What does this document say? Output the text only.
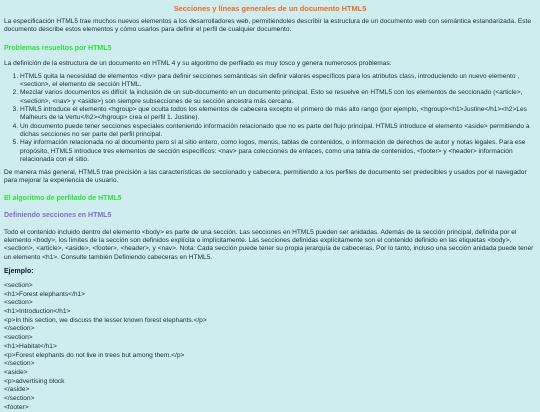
Secciones y líneas generales de un documento HTML5

La especificación HTML5 trae muchos nuevos elementos a los desarrolladores web, permitiéndoles describir la estructura de un documento web con semántica estandarizada. Este documento describe estos elementos y cómo usarlos para definir el perfil de cualquier documento.

Problemas resueltos por HTML5

La definición de la estructura de un documento en HTML 4 y su algoritmo de perfilado es muy tosco y genera numerosos problemas:

1. HTML5 quita la necesidad de elementos <div> para definir secciones semánticas sin definir valores específicos para los atributos class, introduciendo un nuevo elemento , <section>, el elemento de sección HTML.
2. Mezclar varios documentos es difícil: la inclusión de un sub-documento en un documento principal. Esto se resuelve en HTML5 con los elementos de seccionado (<article>, <section>, <nav> y <aside>) son siempre subsecciones de su sección ancestra más cercana.
3. HTML5 introduce el elemento <hgroup> que oculta todos los elementos de cabecera excepto el primero de más alto rango (por ejemplo, <hgroup><h1>Justine</h1><h2>Les Malheurs de la Vertu</h2></hgroup> crea el perfil 1. Justine).
4. Un documento puede tener secciones especiales conteniendo información relacionado que no es parte del flujo principal. HTML5 introduce el elemento <aside> permitiendo a dichas secciones no ser parte del perfil principal.
5. Hay información relacionada no al documento pero sí al sitio entero, como logos, menús, tablas de contenidos, o información de derechos de autor y notas legales. Para ese propósito, HTML5 introduce tres elementos de sección específicos: <nav> para colecciones de enlaces, como una tabla de contenidos, <footer> y <header> información relacionada con el sitio.

De manera más general, HTML5 trae precisión a las características de seccionado y cabecera, permitiendo a los perfiles de documento ser predecibles y usados por el navegador para mejorar la experiencia de usuario.

El algoritmo de perfilado de HTML5
Definiendo secciones en HTML5

Todo el contenido incluido dentro del elemento <body> es parte de una sección. Las secciones en HTML5 pueden ser anidadas. Además de la sección principal, definida por el elemento <body>, los límites de la sección son definidos explícita o implícitamente. Las secciones definidas explícitamente son el contenido definido en las etiquetas <body>, <section>, <article>, <aside>, <footer>, <header>, y <nav>. Nota: Cada sección puede tener su propia jerarquía de cabeceras. Por lo tanto, incluso una sección anidada puede tener un elemento <h1>. Consulte también Definiendo cabeceras en HTML5.

Ejemplo:
<section>
<h1>Forest elephants</h1>
<section>
<h1>Introduction</h1>
<p>In this section, we discuss the lesser known forest elephants.</p>
</section>
<section>
<h1>Habitat</h1>
<p>Forest elephants do not live in trees but among them.</p>
</section>
<aside>
<p>advertising block
</aside>
</section>
<footer>
